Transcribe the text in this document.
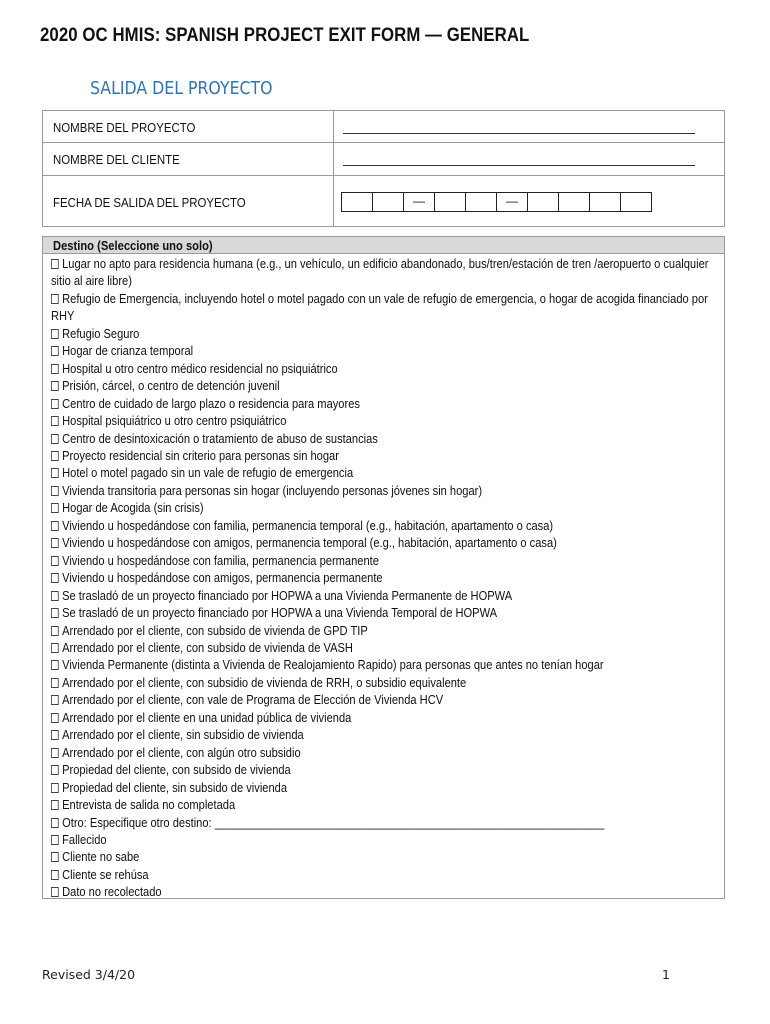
2020 OC HMIS: SPANISH PROJECT EXIT FORM — GENERAL
SALIDA DEL PROYECTO
NOMBRE DEL PROYECTO
NOMBRE DEL CLIENTE
FECHA DE SALIDA DEL PROYECTO	—	—
Destino (Seleccione uno solo)
Lugar no apto para residencia humana (e.g., un vehículo, un edificio abandonado, bus/tren/estación de tren /aeropuerto o cualquier sitio al aire libre)
Refugio de Emergencia, incluyendo hotel o motel pagado con un vale de refugio de emergencia, o hogar de acogida financiado por RHY
Refugio Seguro
Hogar de crianza temporal
Hospital u otro centro médico residencial no psiquiátrico
Prisión, cárcel, o centro de detención juvenil
Centro de cuidado de largo plazo o residencia para mayores
Hospital psiquiátrico u otro centro psiquiátrico
Centro de desintoxicación o tratamiento de abuso de sustancias
Proyecto residencial sin criterio para personas sin hogar
Hotel o motel pagado sin un vale de refugio de emergencia
Vivienda transitoria para personas sin hogar (incluyendo personas jóvenes sin hogar)
Hogar de Acogida (sin crisis)
Viviendo u hospedándose con familia, permanencia temporal (e.g., habitación, apartamento o casa)
Viviendo u hospedándose con amigos, permanencia temporal (e.g., habitación, apartamento o casa)
Viviendo u hospedándose con familia, permanencia permanente
Viviendo u hospedándose con amigos, permanencia permanente
Se trasladó de un proyecto financiado por HOPWA a una Vivienda Permanente de HOPWA
Se trasladó de un proyecto financiado por HOPWA a una Vivienda Temporal de HOPWA
Arrendado por el cliente, con subsido de vivienda de GPD TIP
Arrendado por el cliente, con subsido de vivienda de VASH
Vivienda Permanente (distinta a Vivienda de Realojamiento Rapido) para personas que antes no tenían hogar
Arrendado por el cliente, con subsidio de vivienda de RRH, o subsidio equivalente
Arrendado por el cliente, con vale de Programa de Elección de Vivienda HCV
Arrendado por el cliente en una unidad pública de vivienda
Arrendado por el cliente, sin subsidio de vivienda
Arrendado por el cliente, con algún otro subsidio
Propiedad del cliente, con subsido de vivienda
Propiedad del cliente, sin subsido de vivienda
Entrevista de salida no completada
Otro: Especifique otro destino: _______________________________________________________________
Fallecido
Cliente no sabe
Cliente se rehúsa
Dato no recolectado
Revised 3/4/20	1
